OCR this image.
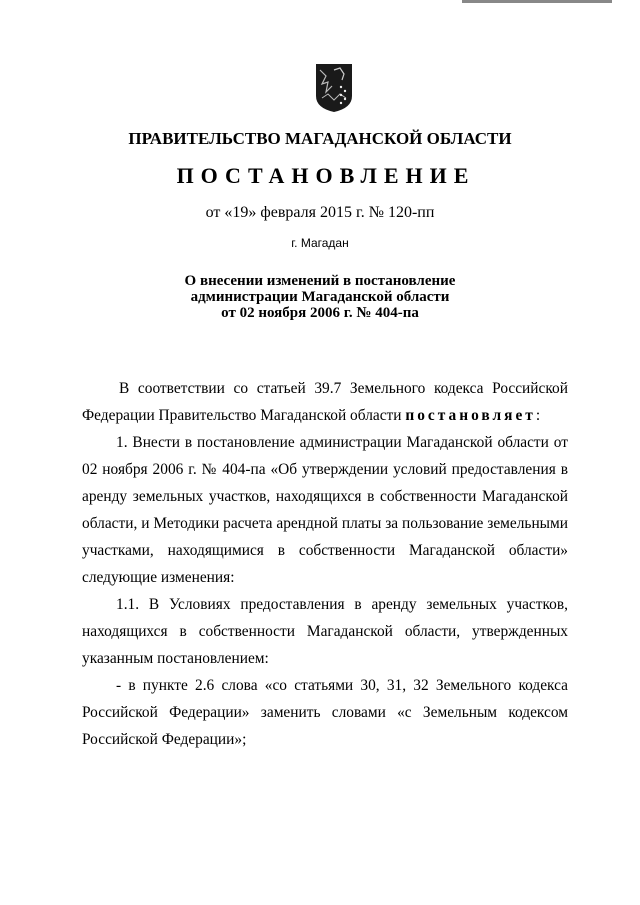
ПРАВИТЕЛЬСТВО МАГАДАНСКОЙ ОБЛАСТИ
ПОСТАНОВЛЕНИЕ
от «19» февраля 2015 г. № 120-пп
г. Магадан
О внесении изменений в постановление
администрации Магаданской области
от 02 ноября 2006 г. № 404-па

В соответствии со статьей 39.7 Земельного кодекса Российской Федерации Правительство Магаданской области постановляет:

1. Внести в постановление администрации Магаданской области от 02 ноября 2006 г. № 404-па «Об утверждении условий предоставления в аренду земельных участков, находящихся в собственности Магаданской области, и Методики расчета арендной платы за пользование земельными участками, находящимися в собственности Магаданской области» следующие изменения:

1.1. В Условиях предоставления в аренду земельных участков, находящихся в собственности Магаданской области, утвержденных указанным постановлением:

- в пункте 2.6 слова «со статьями 30, 31, 32 Земельного кодекса Российской Федерации» заменить словами «с Земельным кодексом Российской Федерации»;
